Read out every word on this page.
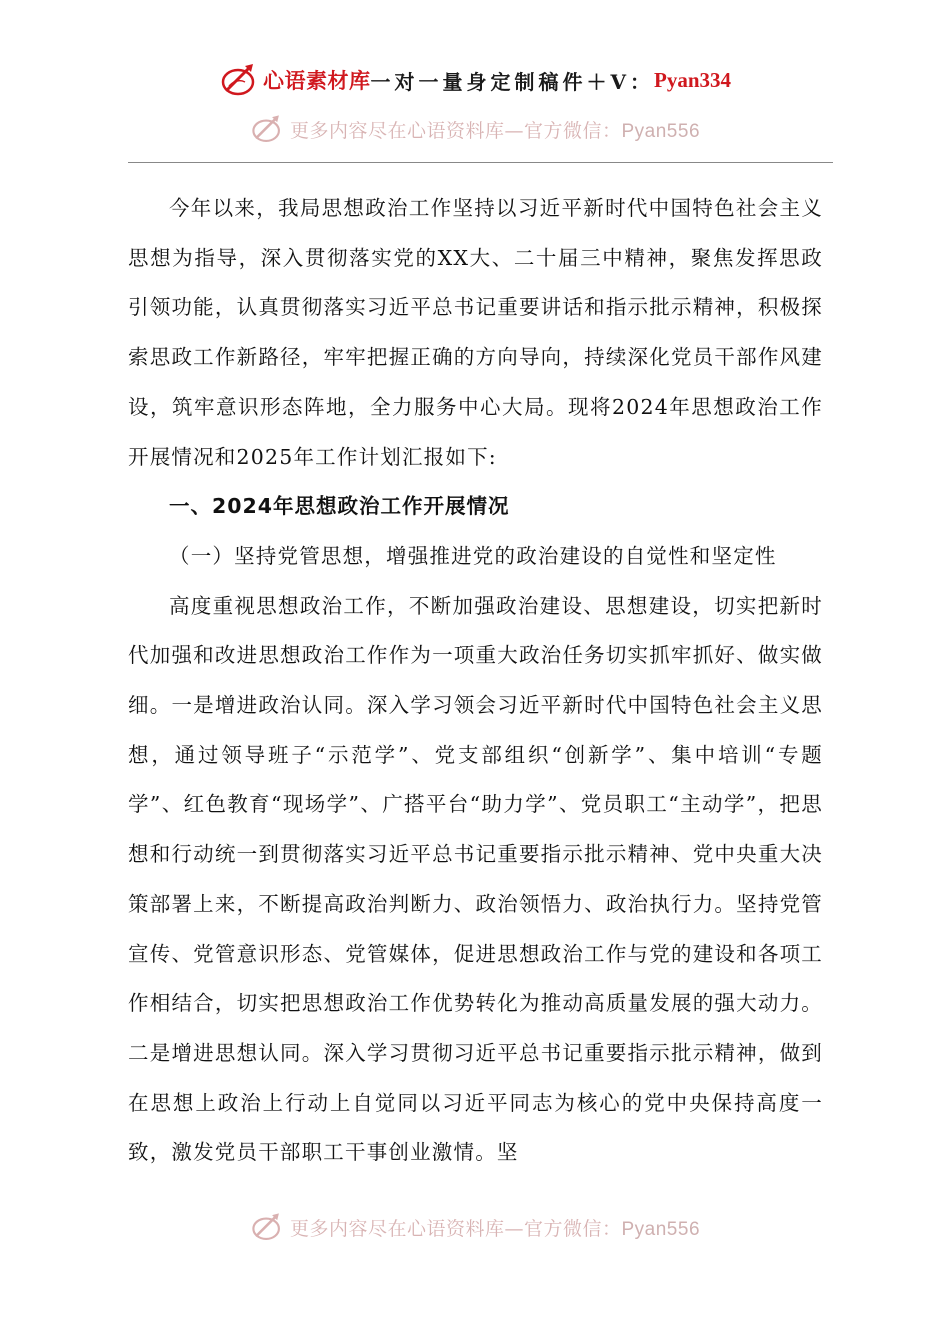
心语素材库 一对一量身定制稿件＋V： Pyan334
更多内容尽在心语资料库—官方微信：Pyan556

今年以来，我局思想政治工作坚持以习近平新时代中国特色社会主义思想为指导，深入贯彻落实党的XX大、二十届三中精神，聚焦发挥思政引领功能，认真贯彻落实习近平总书记重要讲话和指示批示精神，积极探索思政工作新路径，牢牢把握正确的方向导向，持续深化党员干部作风建设，筑牢意识形态阵地，全力服务中心大局。现将2024年思想政治工作开展情况和2025年工作计划汇报如下:

一、2024年思想政治工作开展情况

（一）坚持党管思想，增强推进党的政治建设的自觉性和坚定性

高度重视思想政治工作，不断加强政治建设、思想建设，切实把新时代加强和改进思想政治工作作为一项重大政治任务切实抓牢抓好、做实做细。一是增进政治认同。深入学习领会习近平新时代中国特色社会主义思想，通过领导班子“示范学”、党支部组织“创新学”、集中培训“专题学”、红色教育“现场学”、广搭平台“助力学”、党员职工“主动学”，把思想和行动统一到贯彻落实习近平总书记重要指示批示精神、党中央重大决策部署上来，不断提高政治判断力、政治领悟力、政治执行力。坚持党管宣传、党管意识形态、党管媒体，促进思想政治工作与党的建设和各项工作相结合，切实把思想政治工作优势转化为推动高质量发展的强大动力。二是增进思想认同。深入学习贯彻习近平总书记重要指示批示精神，做到在思想上政治上行动上自觉同以习近平同志为核心的党中央保持高度一致，激发党员干部职工干事创业激情。坚

更多内容尽在心语资料库—官方微信：Pyan556
